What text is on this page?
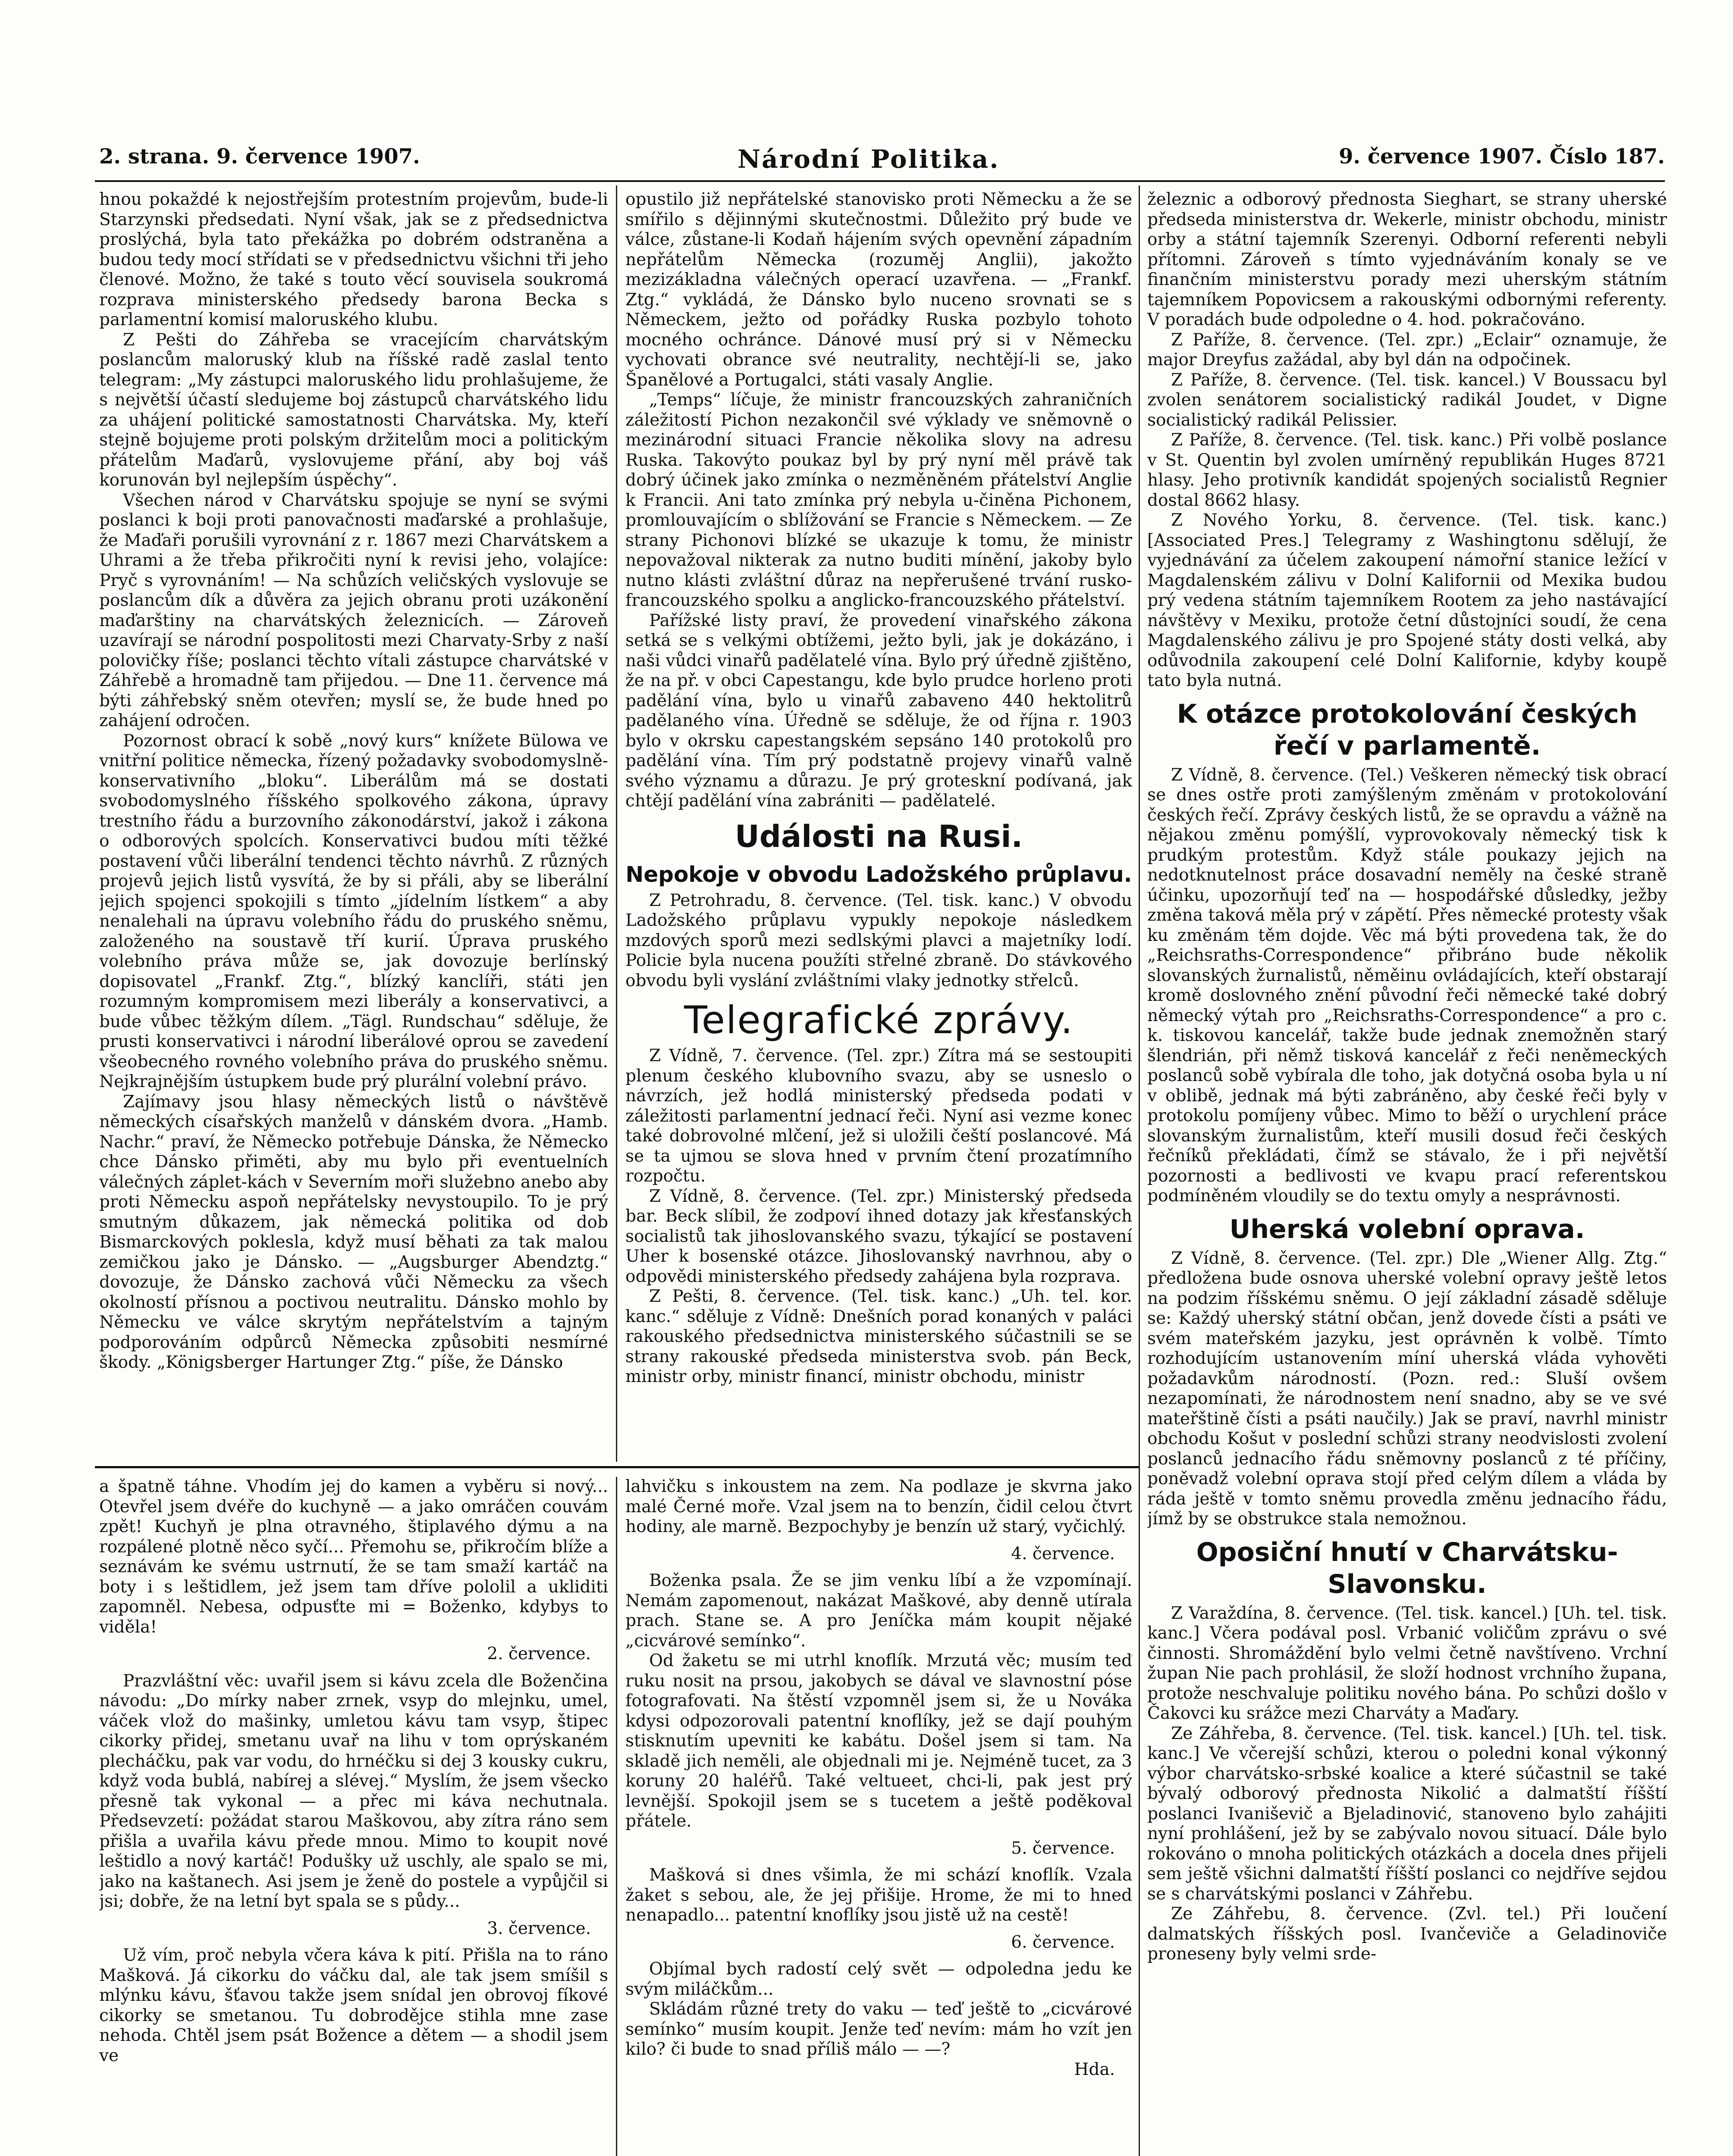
2. strana. 9. července 1907.	Národní Politika.	9. července 1907. Číslo 187.

hnou pokaždé k nejostřejším protestním projevům, bude-li Starzynski předsedati. Nyní však, jak se z předsednictva proslýchá, byla tato překážka po dobrém odstraněna a budou tedy mocí střídati se v předsednictvu všichni tři jeho členové. Možno, že také s touto věcí souvisela soukromá rozprava ministerského předsedy barona Becka s parlamentní komisí maloruského klubu.

Z Pešti do Záhřeba se vracejícím charvátským poslancům maloruský klub na říšské radě zaslal tento telegram: „My zástupci maloruského lidu prohlašujeme, že s největší účastí sledujeme boj zástupců charvátského lidu za uhájení politické samostatnosti Charvátska. My, kteří stejně bojujeme proti polským držitelům moci a politickým přátelům Maďarů, vyslovujeme přání, aby boj váš korunován byl nejlepším úspěchy“.

Všechen národ v Charvátsku spojuje se nyní se svými poslanci k boji proti panovačnosti maďarské a prohlašuje, že Maďaři porušili vyrovnání z r. 1867 mezi Charvátskem a Uhrami a že třeba přikročiti nyní k revisi jeho, volajíce: Pryč s vyrovnáním! — Na schůzích veličských vyslovuje se poslancům dík a důvěra za jejich obranu proti uzákonění maďarštiny na charvátských železnicích. — Zároveň uzavírají se národní pospolitosti mezi Charvaty-Srby z naší polovičky říše; poslanci těchto vítali zástupce charvátské v Záhřebě a hromadně tam přijedou. — Dne 11. července má býti záhřebský sněm otevřen; myslí se, že bude hned po zahájení odročen.

Pozornost obrací k sobě „nový kurs“ knížete Bülowa ve vnitřní politice německa, řízený požadavky svobodomyslně-konservativního „bloku“. Liberálům má se dostati svobodomyslného říšského spolkového zákona, úpravy trestního řádu a burzovního zákonodárství, jakož i zákona o odborových spolcích. Konservativci budou míti těžké postavení vůči liberální tendenci těchto návrhů. Z různých projevů jejich listů vysvítá, že by si přáli, aby se liberální jejich spojenci spokojili s tímto „jídelním lístkem“ a aby nenalehali na úpravu volebního řádu do pruského sněmu, založeného na soustavě tří kurií. Úprava pruského volebního práva může se, jak dovozuje berlínský dopisovatel „Frankf. Ztg.“, blízký kanclíři, státi jen rozumným kompromisem mezi liberály a konservativci, a bude vůbec těžkým dílem. „Tägl. Rundschau“ sděluje, že prusti konservativci i národní liberálové oprou se zavedení všeobecného rovného volebního práva do pruského sněmu. Nejkrajnějším ústupkem bude prý plurální volební právo.

Zajímavy jsou hlasy německých listů o návštěvě německých císařských manželů v dánském dvora. „Hamb. Nachr.“ praví, že Německo potřebuje Dánska, že Německo chce Dánsko přiměti, aby mu bylo při eventuelních válečných záplet-kách v Severním moři služebno anebo aby proti Německu aspoň nepřátelsky nevystoupilo. To je prý smutným důkazem, jak německá politika od dob Bismarckových poklesla, když musí běhati za tak malou zemičkou jako je Dánsko. — „Augsburger Abendztg.“ dovozuje, že Dánsko zachová vůči Německu za všech okolností přísnou a poctivou neutralitu. Dánsko mohlo by Německu ve válce skrytým nepřátelstvím a tajným podporováním odpůrců Německa způsobiti nesmírné škody. „Königsberger Hartunger Ztg.“ píše, že Dánsko

opustilo již nepřátelské stanovisko proti Německu a že se smířilo s dějinnými skutečnostmi. Důležito prý bude ve válce, zůstane-li Kodaň hájením svých opevnění západním nepřátelům Německa (rozuměj Anglii), jakožto mezizákladna válečných operací uzavřena. — „Frankf. Ztg.“ vykládá, že Dánsko bylo nuceno srovnati se s Německem, ježto od pořádky Ruska pozbylo tohoto mocného ochránce. Dánové musí prý si v Německu vychovati obrance své neutrality, nechtějí-li se, jako Španělové a Portugalci, státi vasaly Anglie.

„Temps“ líčuje, že ministr francouzských zahraničních záležitostí Pichon nezakončil své výklady ve sněmovně o mezinárodní situaci Francie několika slovy na adresu Ruska. Takovýto poukaz byl by prý nyní měl právě tak dobrý účinek jako zmínka o nezměněném přátelství Anglie k Francii. Ani tato zmínka prý nebyla u-činěna Pichonem, promlouvajícím o sblížování se Francie s Německem. — Ze strany Pichonovi blízké se ukazuje k tomu, že ministr nepovažoval nikterak za nutno buditi mínění, jakoby bylo nutno klásti zvláštní důraz na nepřerušené trvání rusko-francouzského spolku a anglicko-francouzského přátelství.

Pařížské listy praví, že provedení vinařského zákona setká se s velkými obtížemi, ježto byli, jak je dokázáno, i naši vůdci vinařů padělatelé vína. Bylo prý úředně zjištěno, že na př. v obci Capestangu, kde bylo prudce horleno proti padělání vína, bylo u vinařů zabaveno 440 hektolitrů padělaného vína. Úředně se sděluje, že od října r. 1903 bylo v okrsku capestangském sepsáno 140 protokolů pro padělání vína. Tím prý podstatně projevy vinařů valně svého významu a důrazu. Je prý groteskní podívaná, jak chtějí padělání vína zabrániti — padělatelé.

Události na Rusi.
Nepokoje v obvodu Ladožského průplavu.

Z Petrohradu, 8. července. (Tel. tisk. kanc.) V obvodu Ladožského průplavu vypukly nepokoje následkem mzdových sporů mezi sedlskými plavci a majetníky lodí. Policie byla nucena použíti střelné zbraně. Do stávkového obvodu byli vyslání zvláštními vlaky jednotky střelců.

Telegrafické zprávy.

Z Vídně, 7. července. (Tel. zpr.) Zítra má se sestoupiti plenum českého klubovního svazu, aby se usneslo o návrzích, jež hodlá ministerský předseda podati v záležitosti parlamentní jednací řeči. Nyní asi vezme konec také dobrovolné mlčení, jež si uložili čeští poslancové. Má se ta ujmou se slova hned v prvním čtení prozatímního rozpočtu.

Z Vídně, 8. července. (Tel. zpr.) Ministerský předseda bar. Beck slíbil, že zodpoví ihned dotazy jak křesťanských socialistů tak jihoslovanského svazu, týkající se postavení Uher k bosenské otázce. Jihoslovanský navrhnou, aby o odpovědi ministerského předsedy zahájena byla rozprava.

Z Pešti, 8. července. (Tel. tisk. kanc.) „Uh. tel. kor. kanc.“ sděluje z Vídně: Dnešních porad konaných v paláci rakouského předsednictva ministerského súčastnili se se strany rakouské předseda ministerstva svob. pán Beck, ministr orby, ministr financí, ministr obchodu, ministr

železnic a odborový přednosta Sieghart, se strany uherské předseda ministerstva dr. Wekerle, ministr obchodu, ministr orby a státní tajemník Szerenyi. Odborní referenti nebyli přítomni. Zároveň s tímto vyjednáváním konaly se ve finančním ministerstvu porady mezi uherským státním tajemníkem Popovicsem a rakouskými odbornými referenty. V poradách bude odpoledne o 4. hod. pokračováno.

Z Paříže, 8. července. (Tel. zpr.) „Eclair“ oznamuje, že major Dreyfus zažádal, aby byl dán na odpočinek.

Z Paříže, 8. července. (Tel. tisk. kancel.) V Boussacu byl zvolen senátorem socialistický radikál Joudet, v Digne socialistický radikál Pelissier.

Z Paříže, 8. července. (Tel. tisk. kanc.) Při volbě poslance v St. Quentin byl zvolen umírněný republikán Huges 8721 hlasy. Jeho protivník kandidát spojených socialistů Regnier dostal 8662 hlasy.

Z Nového Yorku, 8. července. (Tel. tisk. kanc.) [Associated Pres.] Telegramy z Washingtonu sdělují, že vyjednávání za účelem zakoupení námořní stanice ležící v Magdalenském zálivu v Dolní Kalifornii od Mexika budou prý vedena státním tajemníkem Rootem za jeho nastávající návštěvy v Mexiku, protože četní důstojníci soudí, že cena Magdalenského zálivu je pro Spojené státy dosti velká, aby odůvodnila zakoupení celé Dolní Kalifornie, kdyby koupě tato byla nutná.

K otázce protokolování českých řečí v parlamentě.

Z Vídně, 8. července. (Tel.) Veškeren německý tisk obrací se dnes ostře proti zamýšleným změnám v protokolování českých řečí. Zprávy českých listů, že se opravdu a vážně na nějakou změnu pomýšlí, vyprovokovaly německý tisk k prudkým protestům. Když stále poukazy jejich na nedotknutelnost práce dosavadní neměly na české straně účinku, upozorňují teď na — hospodářské důsledky, ježby změna taková měla prý v zápětí. Přes německé protesty však ku změnám těm dojde. Věc má býti provedena tak, že do „Reichsraths-Correspondence“ přibráno bude několik slovanských žurnalistů, něměinu ovládajících, kteří obstarají kromě doslovného znění původní řeči německé také dobrý německý výtah pro „Reichsraths-Correspondence“ a pro c. k. tiskovou kancelář, takže bude jednak znemožněn starý šlendrián, při němž tisková kancelář z řeči neněmeckých poslanců sobě vybírala dle toho, jak dotyčná osoba byla u ní v oblibě, jednak má býti zabráněno, aby české řeči byly v protokolu pomíjeny vůbec. Mimo to běží o urychlení práce slovanským žurnalistům, kteří musili dosud řeči českých řečníků překládati, čímž se stávalo, že i při největší pozornosti a bedlivosti ve kvapu prací referentskou podmíněném vloudily se do textu omyly a nesprávnosti.

Uherská volební oprava.

Z Vídně, 8. července. (Tel. zpr.) Dle „Wiener Allg. Ztg.“ předložena bude osnova uherské volební opravy ještě letos na podzim říšskému sněmu. O její základní zásadě sděluje se: Každý uherský státní občan, jenž dovede čísti a psáti ve svém mateřském jazyku, jest oprávněn k volbě. Tímto rozhodujícím ustanovením míní uherská vláda vyhověti požadavkům národností. (Pozn. red.: Sluší ovšem nezapomínati, že národnostem není snadno, aby se ve své mateřštině čísti a psáti naučily.) Jak se praví, navrhl ministr obchodu Košut v poslední schůzi strany neodvislosti zvolení poslanců jednacího řádu sněmovny poslanců z té příčiny, poněvadž volební oprava stojí před celým dílem a vláda by ráda ještě v tomto sněmu provedla změnu jednacího řádu, jímž by se obstrukce stala nemožnou.

Oposiční hnutí v Charvátsku-Slavonsku.

Z Varaždína, 8. července. (Tel. tisk. kancel.) [Uh. tel. tisk. kanc.] Včera podával posl. Vrbanić voličům zprávu o své činnosti. Shromáždění bylo velmi četně navštíveno. Vrchní župan Nie pach prohlásil, že složí hodnost vrchního župana, protože neschvaluje politiku nového bána. Po schůzi došlo v Čakovci ku srážce mezi Charváty a Maďary.

Ze Záhřeba, 8. července. (Tel. tisk. kancel.) [Uh. tel. tisk. kanc.] Ve včerejší schůzi, kterou o poledni konal výkonný výbor charvátsko-srbské koalice a které súčastnil se také bývalý odborový přednosta Nikolić a dalmatští říšští poslanci Ivaniševič a Bjeladinović, stanoveno bylo zahájiti nyní prohlášení, jež by se zabývalo novou situací. Dále bylo rokováno o mnoha politických otázkách a docela dnes přijeli sem ještě všichni dalmatští říšští poslanci co nejdříve sejdou se s charvátskými poslanci v Záhřebu.

Ze Záhřebu, 8. července. (Zvl. tel.) Při loučení dalmatských říšských posl. Ivančeviče a Geladinoviče proneseny byly velmi srde-

a špatně táhne. Vhodím jej do kamen a vyběru si nový... Otevřel jsem dvéře do kuchyně — a jako omráčen couvám zpět! Kuchyň je plna otravného, štiplavého dýmu a na rozpálené plotně něco syčí... Přemohu se, přikročím blíže a seznávám ke svému ustrnutí, že se tam smaží kartáč na boty i s leštidlem, jež jsem tam dříve pololil a ukliditi zapomněl. Nebesa, odpusťte mi = Boženko, kdybys to viděla!

2. července.

Prazvláštní věc: uvařil jsem si kávu zcela dle Boženčina návodu: „Do mírky naber zrnek, vsyp do mlejnku, umel, váček vlož do mašinky, umletou kávu tam vsyp, štipec cikorky přidej, smetanu uvař na lihu v tom oprýskaném plecháčku, pak var vodu, do hrnéčku si dej 3 kousky cukru, když voda bublá, nabírej a slévej.“ Myslím, že jsem všecko přesně tak vykonal — a přec mi káva nechutnala. Předsevzetí: požádat starou Maškovou, aby zítra ráno sem přišla a uvařila kávu přede mnou. Mimo to koupit nové leštidlo a nový kartáč! Podušky už uschly, ale spalo se mi, jako na kaštanech. Asi jsem je ženě do postele a vypůjčil si jsi; dobře, že na letní byt spala se s půdy...

3. července.

Už vím, proč nebyla včera káva k pití. Přišla na to ráno Mašková. Já cikorku do váčku dal, ale tak jsem smíšil s mlýnku kávu, šťavou takže jsem snídal jen obrovoj fíkové cikorky se smetanou. Tu dobrodějce stihla mne zase nehoda. Chtěl jsem psát Božence a dětem — a shodil jsem ve

lahvičku s inkoustem na zem. Na podlaze je skvrna jako malé Černé moře. Vzal jsem na to benzín, čidil celou čtvrt hodiny, ale marně. Bezpochyby je benzín už starý, vyčichlý.

4. července.

Boženka psala. Že se jim venku líbí a že vzpomínají. Nemám zapomenout, nakázat Maškové, aby denně utírala prach. Stane se. A pro Jeníčka mám koupit nějaké „cicvárové semínko“.

Od žaketu se mi utrhl knoflík. Mrzutá věc; musím teď ruku nosit na prsou, jakobych se dával ve slavnostní póse fotografovati. Na štěstí vzpomněl jsem si, že u Nováka kdysi odpozorovali patentní knoflíky, jež se dají pouhým stisknutím upevniti ke kabátu. Došel jsem si tam. Na skladě jich neměli, ale objednali mi je. Nejméně tucet, za 3 koruny 20 haléřů. Také veltueet, chci-li, pak jest prý levnější. Spokojil jsem se s tucetem a ještě poděkoval přátele.

5. července.

Mašková si dnes všimla, že mi schází knoflík. Vzala žaket s sebou, ale, že jej přišije. Hrome, že mi to hned nenapadlo... patentní knoflíky jsou jistě už na cestě!

6. července.

Objímal bych radostí celý svět — odpoledna jedu ke svým miláčkům...

Skládám různé trety do vaku — teď ještě to „cicvárové semínko“ musím koupit. Jenže teď nevím: mám ho vzít jen kilo? či bude to snad příliš málo — —?

Hda.
